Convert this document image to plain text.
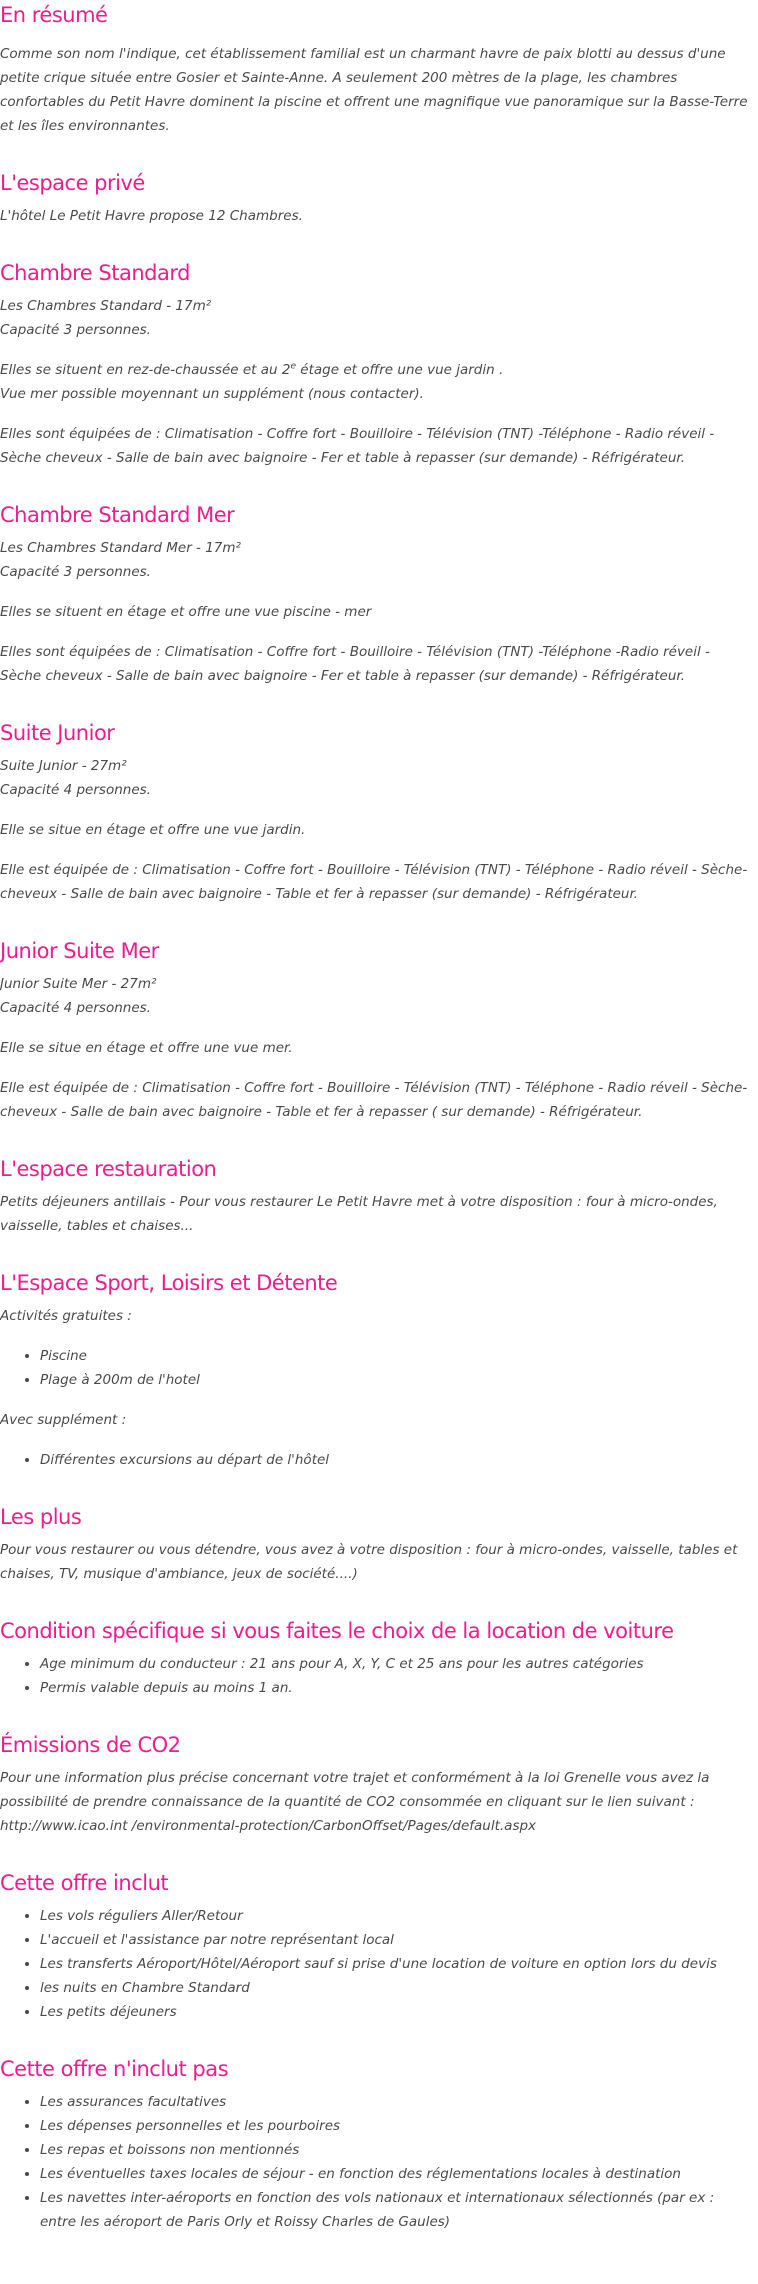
En résumé

Comme son nom l'indique, cet établissement familial est un charmant havre de paix blotti au dessus d'une petite crique située entre Gosier et Sainte-Anne. A seulement 200 mètres de la plage, les chambres confortables du Petit Havre dominent la piscine et offrent une magnifique vue panoramique sur la Basse-Terre et les îles environnantes.

L'espace privé

L'hôtel Le Petit Havre propose 12 Chambres.

Chambre Standard

Les Chambres Standard - 17m²

Capacité 3 personnes.

Elles se situent en rez-de-chaussée et au 2e étage et offre une vue jardin .

Vue mer possible moyennant un supplément (nous contacter).

Elles sont équipées de : Climatisation - Coffre fort - Bouilloire - Télévision (TNT) -Téléphone - Radio réveil - Sèche cheveux - Salle de bain avec baignoire - Fer et table à repasser (sur demande) - Réfrigérateur.

Chambre Standard Mer

Les Chambres Standard Mer - 17m²

Capacité 3 personnes.

Elles se situent en étage et offre une vue piscine - mer

Elles sont équipées de : Climatisation - Coffre fort - Bouilloire - Télévision (TNT) -Téléphone -Radio réveil - Sèche cheveux - Salle de bain avec baignoire - Fer et table à repasser (sur demande) - Réfrigérateur.

Suite Junior

Suite Junior - 27m²

Capacité 4 personnes.

Elle se situe en étage et offre une vue jardin.

Elle est équipée de : Climatisation - Coffre fort - Bouilloire - Télévision (TNT) - Téléphone - Radio réveil - Sèche-cheveux - Salle de bain avec baignoire - Table et fer à repasser (sur demande) - Réfrigérateur.

Junior Suite Mer

Junior Suite Mer - 27m²

Capacité 4 personnes.

Elle se situe en étage et offre une vue mer.

Elle est équipée de : Climatisation - Coffre fort - Bouilloire - Télévision (TNT) - Téléphone - Radio réveil - Sèche-cheveux - Salle de bain avec baignoire - Table et fer à repasser ( sur demande) - Réfrigérateur.

L'espace restauration

Petits déjeuners antillais - Pour vous restaurer Le Petit Havre met à votre disposition : four à micro-ondes, vaisselle, tables et chaises...

L'Espace Sport, Loisirs et Détente

Activités gratuites :

• Piscine
• Plage à 200m de l'hotel

Avec supplément :

• Différentes excursions au départ de l'hôtel
Les plus

Pour vous restaurer ou vous détendre, vous avez à votre disposition : four à micro-ondes, vaisselle, tables et chaises, TV, musique d'ambiance, jeux de société....)

Condition spécifique si vous faites le choix de la location de voiture
• Age minimum du conducteur : 21 ans pour A, X, Y, C et 25 ans pour les autres catégories
• Permis valable depuis au moins 1 an.
Émissions de CO2

Pour une information plus précise concernant votre trajet et conformément à la loi Grenelle vous avez la possibilité de prendre connaissance de la quantité de CO2 consommée en cliquant sur le lien suivant : http://www.icao.int /environmental-protection/CarbonOffset/Pages/default.aspx

Cette offre inclut
• Les vols réguliers Aller/Retour
• L'accueil et l'assistance par notre représentant local
• Les transferts Aéroport/Hôtel/Aéroport sauf si prise d'une location de voiture en option lors du devis
• les nuits en Chambre Standard
• Les petits déjeuners
Cette offre n'inclut pas
• Les assurances facultatives
• Les dépenses personnelles et les pourboires
• Les repas et boissons non mentionnés
• Les éventuelles taxes locales de séjour - en fonction des réglementations locales à destination
• Les navettes inter-aéroports en fonction des vols nationaux et internationaux sélectionnés (par ex : entre les aéroport de Paris Orly et Roissy Charles de Gaules)
